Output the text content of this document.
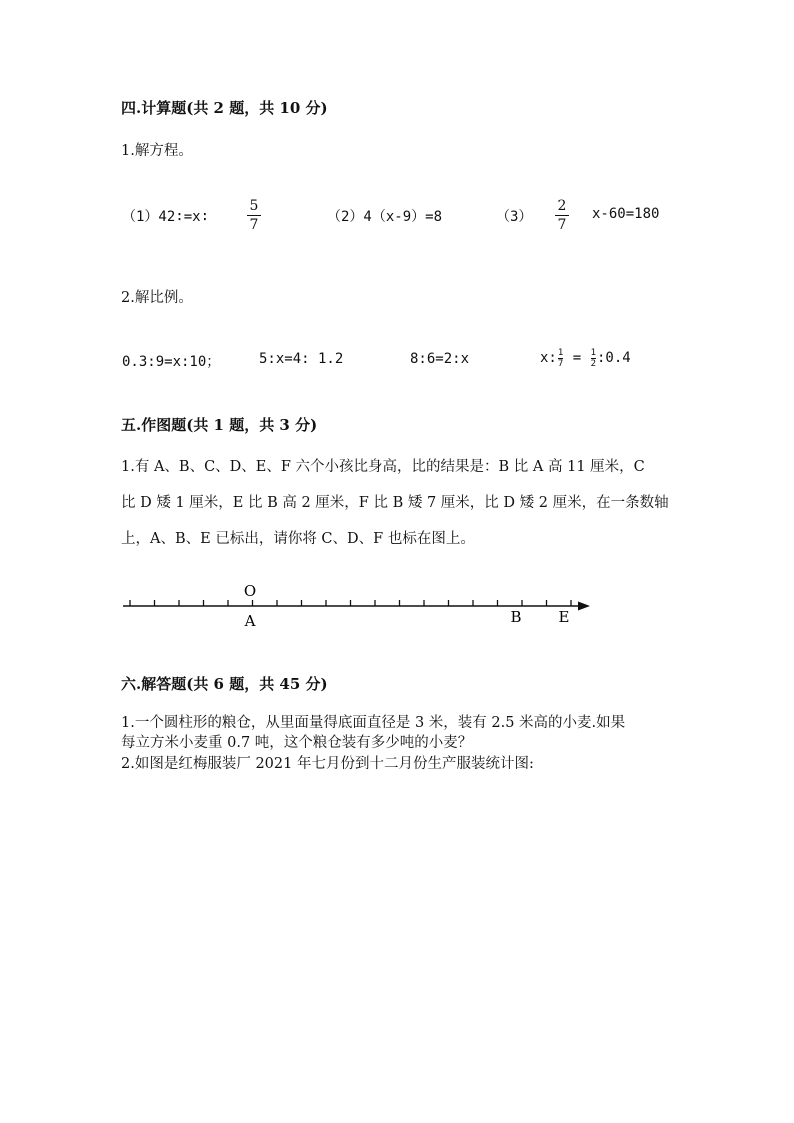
四.计算题(共 2 题，共 10 分)
1.解方程。
（1）42∶=x∶
5
7	（2）4（x-9）=8	（3）
2
7
x-60=180
2.解比例。
0.3:9=x:10；	5:x=4: 1.2	8:6=2:x	x: $\frac{1}{7} = \frac{1}{2}$ :0.4
五.作图题(共 1 题，共 3 分)
1.有 A、B、C、D、E、F 六个小孩比身高，比的结果是：B 比 A 高 11 厘米，C
比 D 矮 1 厘米，E 比 B 高 2 厘米，F 比 B 矮 7 厘米，比 D 矮 2 厘米，在一条数轴
上，A、B、E 已标出，请你将 C、D、F 也标在图上。
O
A	B E
六.解答题(共 6 题，共 45 分)
1.一个圆柱形的粮仓，从里面量得底面直径是 3 米，装有 2.5 米高的小麦.如果
每立方米小麦重 0.7 吨，这个粮仓装有多少吨的小麦？
2.如图是红梅服装厂 2021 年七月份到十二月份生产服装统计图:
